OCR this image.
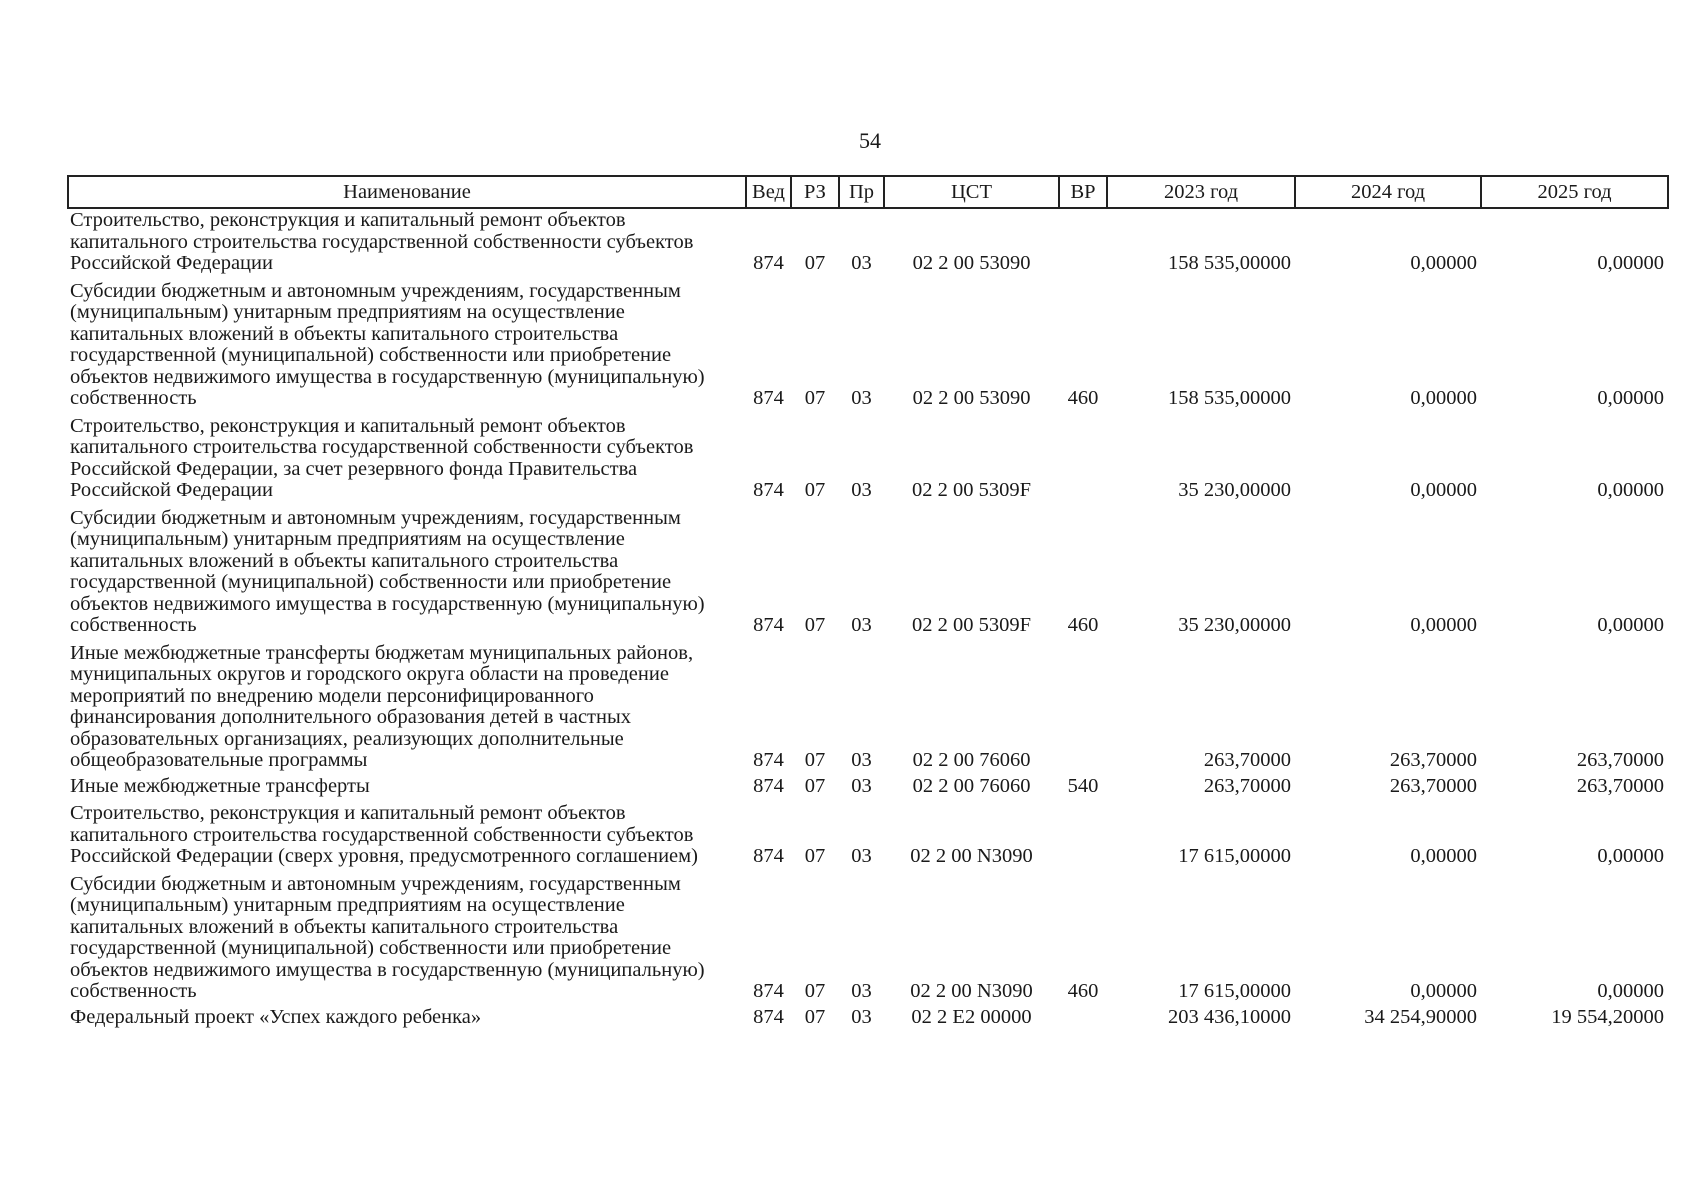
54
Наименование	Вед	РЗ	Пр	ЦСТ	ВР	2023 год	2024 год	2025 год
Строительство, реконструкция и капитальный ремонт объектов капитального строительства государственной собственности субъектов Российской Федерации	874	07	03	02 2 00 53090		158 535,00000	0,00000	0,00000
Субсидии бюджетным и автономным учреждениям, государственным (муниципальным) унитарным предприятиям на осуществление капитальных вложений в объекты капитального строительства государственной (муниципальной) собственности или приобретение объектов недвижимого имущества в государственную (муниципальную) собственность	874	07	03	02 2 00 53090	460	158 535,00000	0,00000	0,00000
Строительство, реконструкция и капитальный ремонт объектов капитального строительства государственной собственности субъектов Российской Федерации, за счет резервного фонда Правительства Российской Федерации	874	07	03	02 2 00 5309F		35 230,00000	0,00000	0,00000
Субсидии бюджетным и автономным учреждениям, государственным (муниципальным) унитарным предприятиям на осуществление капитальных вложений в объекты капитального строительства государственной (муниципальной) собственности или приобретение объектов недвижимого имущества в государственную (муниципальную) собственность	874	07	03	02 2 00 5309F	460	35 230,00000	0,00000	0,00000
Иные межбюджетные трансферты бюджетам муниципальных районов, муниципальных округов и городского округа области на проведение мероприятий по внедрению модели персонифицированного финансирования дополнительного образования детей в частных образовательных организациях, реализующих дополнительные общеобразовательные программы	874	07	03	02 2 00 76060		263,70000	263,70000	263,70000
Иные межбюджетные трансферты	874	07	03	02 2 00 76060	540	263,70000	263,70000	263,70000
Строительство, реконструкция и капитальный ремонт объектов капитального строительства государственной собственности субъектов Российской Федерации (сверх уровня, предусмотренного соглашением)	874	07	03	02 2 00 N3090		17 615,00000	0,00000	0,00000
Субсидии бюджетным и автономным учреждениям, государственным (муниципальным) унитарным предприятиям на осуществление капитальных вложений в объекты капитального строительства государственной (муниципальной) собственности или приобретение объектов недвижимого имущества в государственную (муниципальную) собственность	874	07	03	02 2 00 N3090	460	17 615,00000	0,00000	0,00000
Федеральный проект «Успех каждого ребенка»	874	07	03	02 2 E2 00000		203 436,10000	34 254,90000	19 554,20000
